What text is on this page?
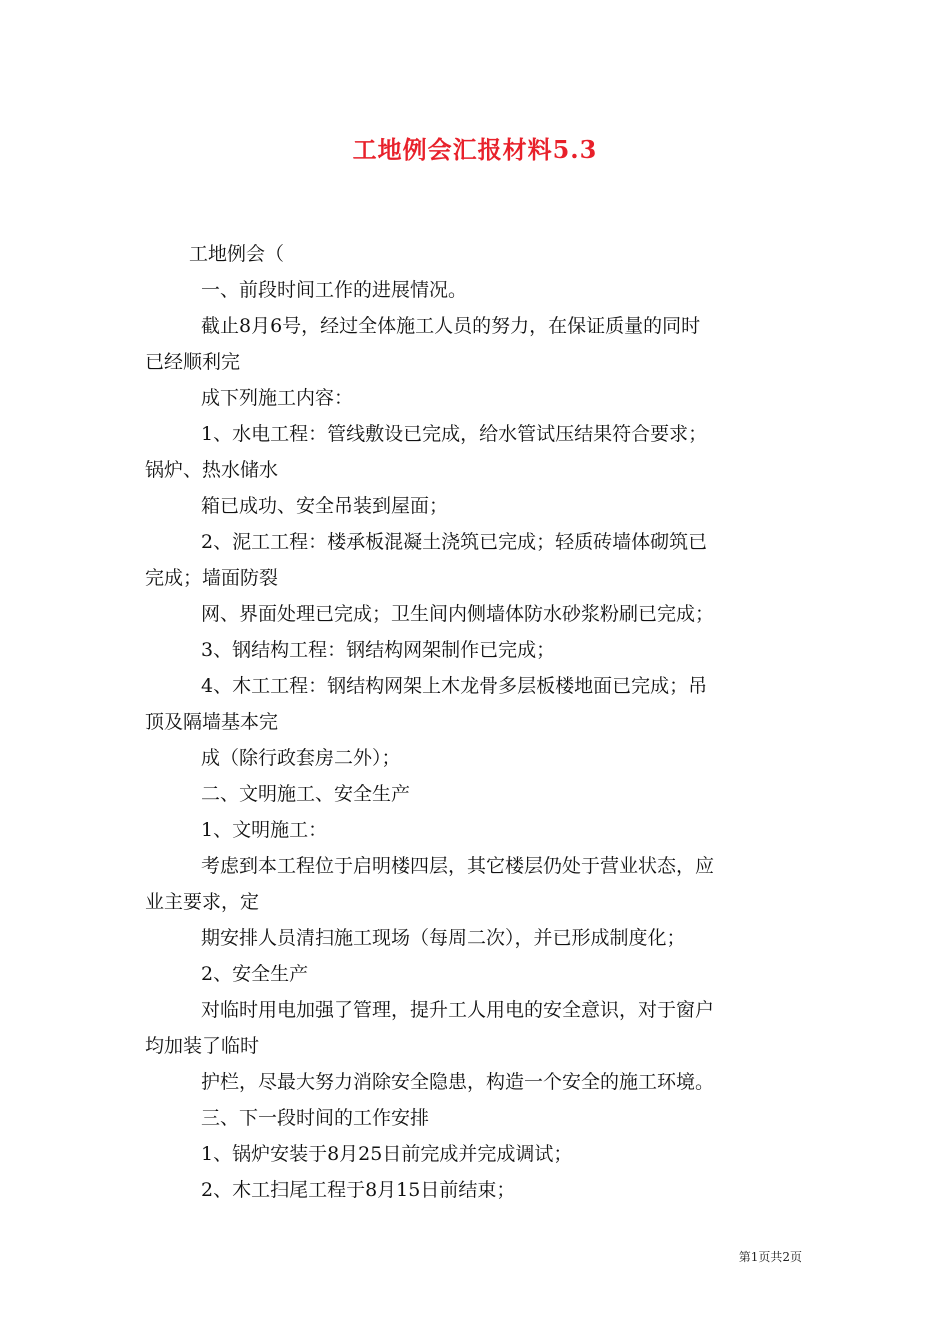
工地例会汇报材料5.3

工地例会（

一、前段时间工作的进展情况。

截止8月6号，经过全体施工人员的努力，在保证质量的同时

已经顺利完

成下列施工内容：

1、水电工程：管线敷设已完成，给水管试压结果符合要求；

锅炉、热水储水

箱已成功、安全吊装到屋面；

2、泥工工程：楼承板混凝土浇筑已完成；轻质砖墙体砌筑已

完成；墙面防裂

网、界面处理已完成；卫生间内侧墙体防水砂浆粉刷已完成；

3、钢结构工程：钢结构网架制作已完成；

4、木工工程：钢结构网架上木龙骨多层板楼地面已完成；吊

顶及隔墙基本完

成（除行政套房二外）；

二、文明施工、安全生产

1、文明施工：

考虑到本工程位于启明楼四层，其它楼层仍处于营业状态，应

业主要求，定

期安排人员清扫施工现场（每周二次），并已形成制度化；

2、安全生产

对临时用电加强了管理，提升工人用电的安全意识，对于窗户

均加装了临时

护栏，尽最大努力消除安全隐患，构造一个安全的施工环境。

三、下一段时间的工作安排

1、锅炉安装于8月25日前完成并完成调试；

2、木工扫尾工程于8月15日前结束；

第1页共2页
